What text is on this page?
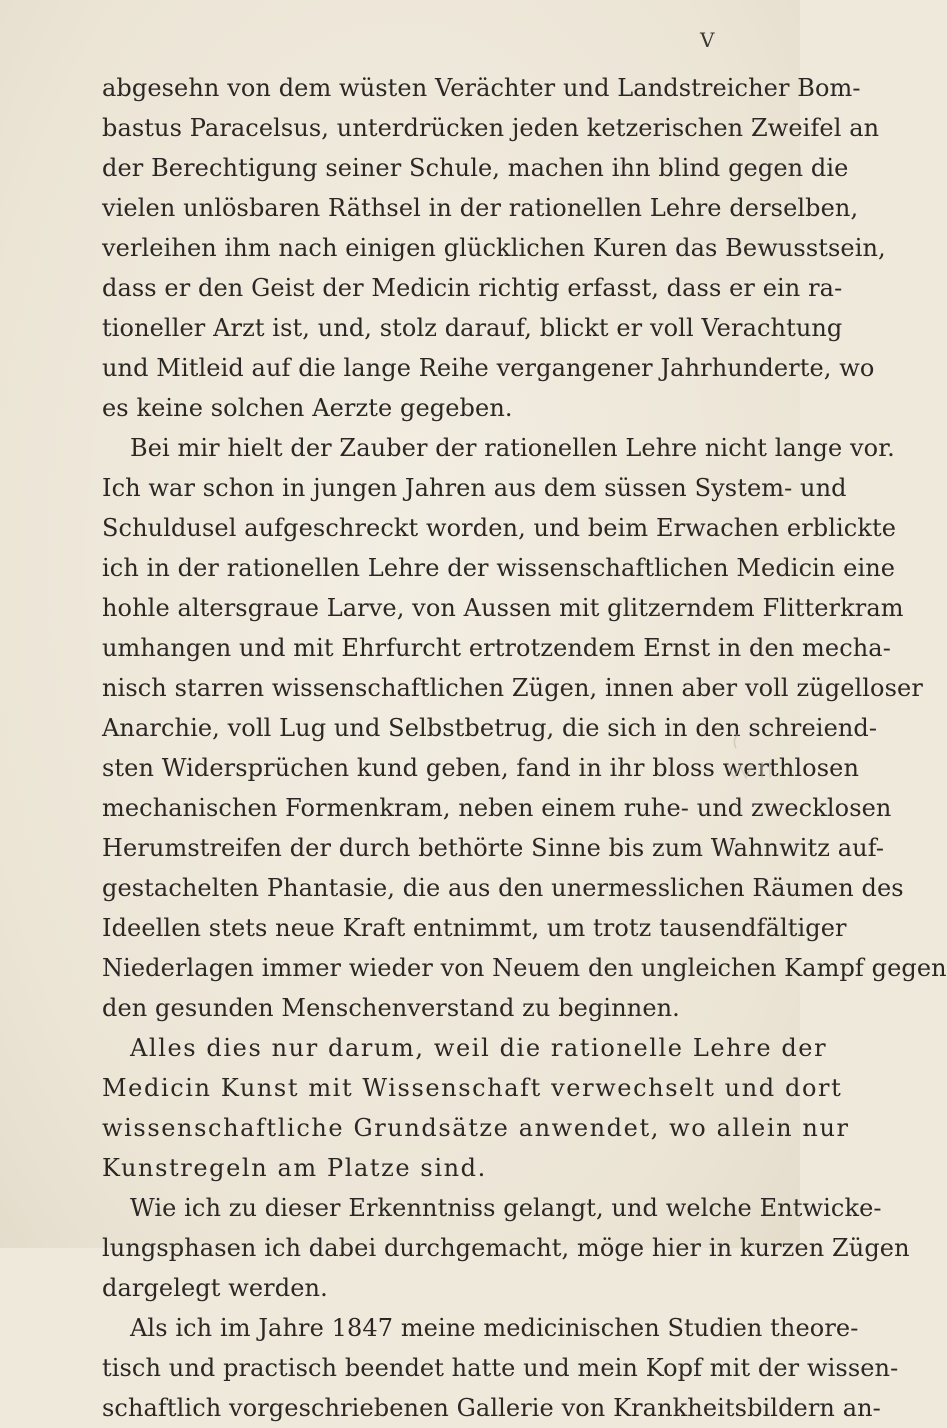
V
abgesehn von dem wüsten Verächter und Landstreicher Bom-
bastus Paracelsus, unterdrücken jeden ketzerischen Zweifel an
der Berechtigung seiner Schule, machen ihn blind gegen die
vielen unlösbaren Räthsel in der rationellen Lehre derselben,
verleihen ihm nach einigen glücklichen Kuren das Bewusstsein,
dass er den Geist der Medicin richtig erfasst, dass er ein ra-
tioneller Arzt ist, und, stolz darauf, blickt er voll Verachtung
und Mitleid auf die lange Reihe vergangener Jahrhunderte, wo
es keine solchen Aerzte gegeben.
Bei mir hielt der Zauber der rationellen Lehre nicht lange vor.
Ich war schon in jungen Jahren aus dem süssen System- und
Schuldusel aufgeschreckt worden, und beim Erwachen erblickte
ich in der rationellen Lehre der wissenschaftlichen Medicin eine
hohle altersgraue Larve, von Aussen mit glitzerndem Flitterkram
umhangen und mit Ehrfurcht ertrotzendem Ernst in den mecha-
nisch starren wissenschaftlichen Zügen, innen aber voll zügelloser
Anarchie, voll Lug und Selbstbetrug, die sich in den schreiend-
sten Widersprüchen kund geben, fand in ihr bloss werthlosen
mechanischen Formenkram, neben einem ruhe- und zwecklosen
Herumstreifen der durch bethörte Sinne bis zum Wahnwitz auf-
gestachelten Phantasie, die aus den unermesslichen Räumen des
Ideellen stets neue Kraft entnimmt, um trotz tausendfältiger
Niederlagen immer wieder von Neuem den ungleichen Kampf gegen
den gesunden Menschenverstand zu beginnen.
Alles dies nur darum, weil die rationelle Lehre der
Medicin Kunst mit Wissenschaft verwechselt und dort
wissenschaftliche Grundsätze anwendet, wo allein nur
Kunstregeln am Platze sind.
Wie ich zu dieser Erkenntniss gelangt, und welche Entwicke-
lungsphasen ich dabei durchgemacht, möge hier in kurzen Zügen
dargelegt werden.
Als ich im Jahre 1847 meine medicinischen Studien theore-
tisch und practisch beendet hatte und mein Kopf mit der wissen-
schaftlich vorgeschriebenen Gallerie von Krankheitsbildern an-
